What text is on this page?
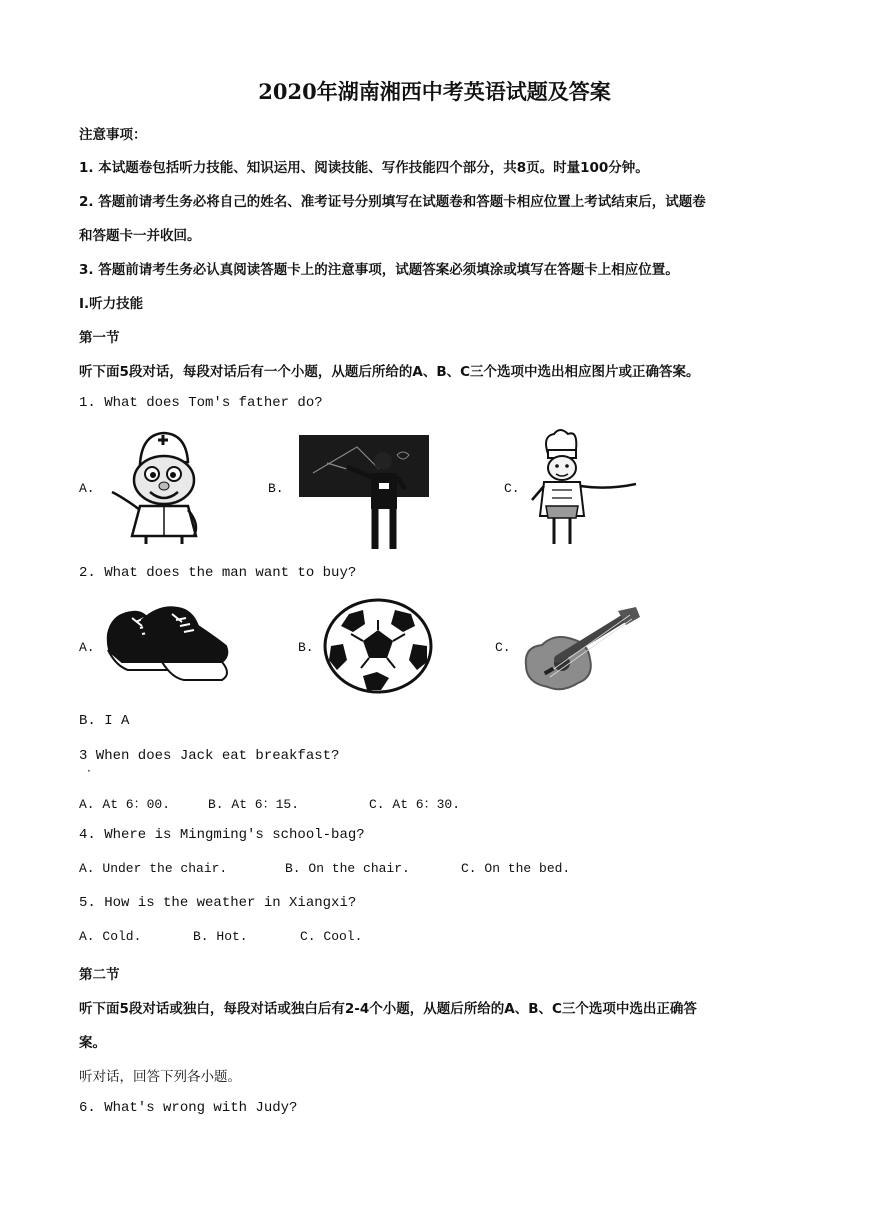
2020年湖南湘西中考英语试题及答案
注意事项：
1. 本试题卷包括听力技能、知识运用、阅读技能、写作技能四个部分，共8页。时量100分钟。
2. 答题前请考生务必将自己的姓名、准考证号分别填写在试题卷和答题卡相应位置上考试结束后，试题卷
和答题卡一并收回。
3. 答题前请考生务必认真阅读答题卡上的注意事项，试题答案必须填涂或填写在答题卡上相应位置。
I.听力技能
第一节
听下面5段对话，每段对话后有一个小题，从题后所给的A、B、C三个选项中选出相应图片或正确答案。
1. What does Tom's father do?
A.	B.	C.
2. What does the man want to buy?
A.	B.	C.
B. I A
3 When does Jack eat breakfast?
·
A. At 6：00.	B. At 6：15.	C. At 6：30.
4. Where is Mingming's school-bag?
A. Under the chair.	B. On the chair.	C. On the bed.
5. How is the weather in Xiangxi?
A. Cold.	B. Hot.	C. Cool.
第二节
听下面5段对话或独白，每段对话或独白后有2-4个小题，从题后所给的A、B、C三个选项中选出正确答
案。
听对话，回答下列各小题。
6. What's wrong with Judy?
